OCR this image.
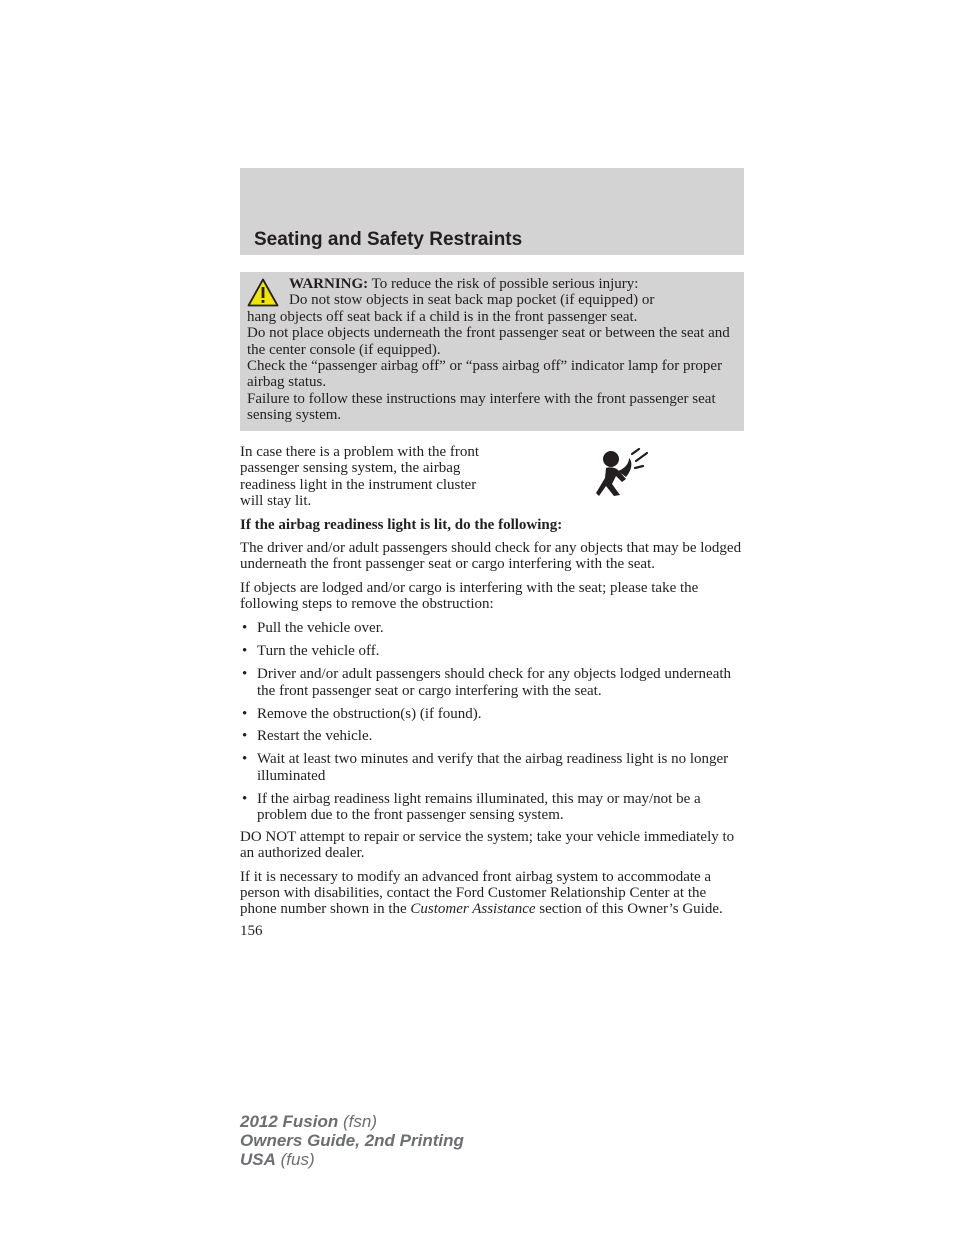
Seating and Safety Restraints

WARNING: To reduce the risk of possible serious injury:

Do not stow objects in seat back map pocket (if equipped) or

hang objects off seat back if a child is in the front passenger seat.

Do not place objects underneath the front passenger seat or between the seat and the center console (if equipped).

Check the “passenger airbag off” or “pass airbag off” indicator lamp for proper airbag status.

Failure to follow these instructions may interfere with the front passenger seat sensing system.

In case there is a problem with the front passenger sensing system, the airbag readiness light in the instrument cluster will stay lit.

If the airbag readiness light is lit, do the following:

The driver and/or adult passengers should check for any objects that may be lodged underneath the front passenger seat or cargo interfering with the seat.

If objects are lodged and/or cargo is interfering with the seat; please take the following steps to remove the obstruction:

• Pull the vehicle over.
• Turn the vehicle off.
• Driver and/or adult passengers should check for any objects lodged underneath the front passenger seat or cargo interfering with the seat.
• Remove the obstruction(s) (if found).
• Restart the vehicle.
• Wait at least two minutes and verify that the airbag readiness light is no longer illuminated
• If the airbag readiness light remains illuminated, this may or may/not be a problem due to the front passenger sensing system.

DO NOT attempt to repair or service the system; take your vehicle immediately to an authorized dealer.

If it is necessary to modify an advanced front airbag system to accommodate a person with disabilities, contact the Ford Customer Relationship Center at the phone number shown in the Customer Assistance section of this Owner’s Guide.

156

2012 Fusion (fsn)
Owners Guide, 2nd Printing
USA (fus)
